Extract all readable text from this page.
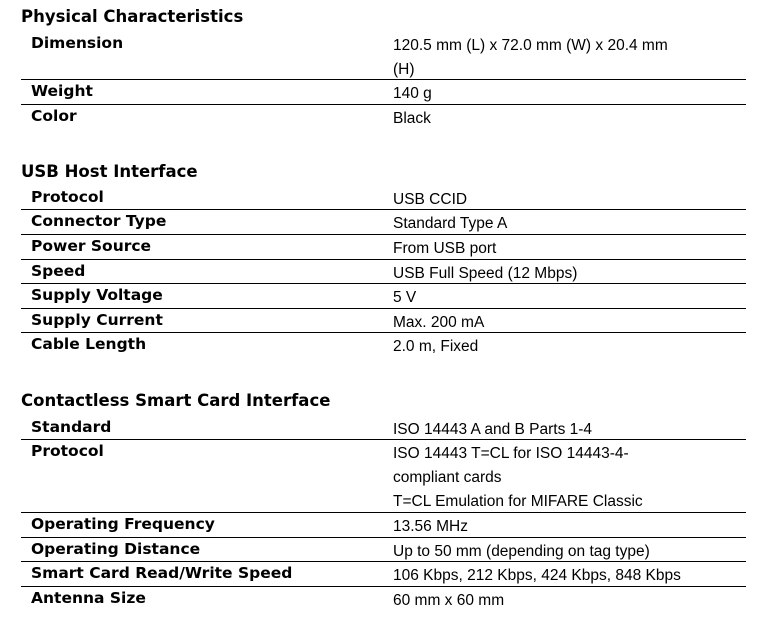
Physical Characteristics
Dimension	120.5 mm (L) x 72.0 mm (W) x 20.4 mm
(H)
Weight	140 g
Color	Black
USB Host Interface
Protocol	USB CCID
Connector Type	Standard Type A
Power Source	From USB port
Speed	USB Full Speed (12 Mbps)
Supply Voltage	5 V
Supply Current	Max. 200 mA
Cable Length	2.0 m, Fixed
Contactless Smart Card Interface
Standard	ISO 14443 A and B Parts 1-4
Protocol	ISO 14443 T=CL for ISO 14443-4-
compliant cards
T=CL Emulation for MIFARE Classic
Operating Frequency	13.56 MHz
Operating Distance	Up to 50 mm (depending on tag type)
Smart Card Read/Write Speed	106 Kbps, 212 Kbps, 424 Kbps, 848 Kbps
Antenna Size	60 mm x 60 mm
